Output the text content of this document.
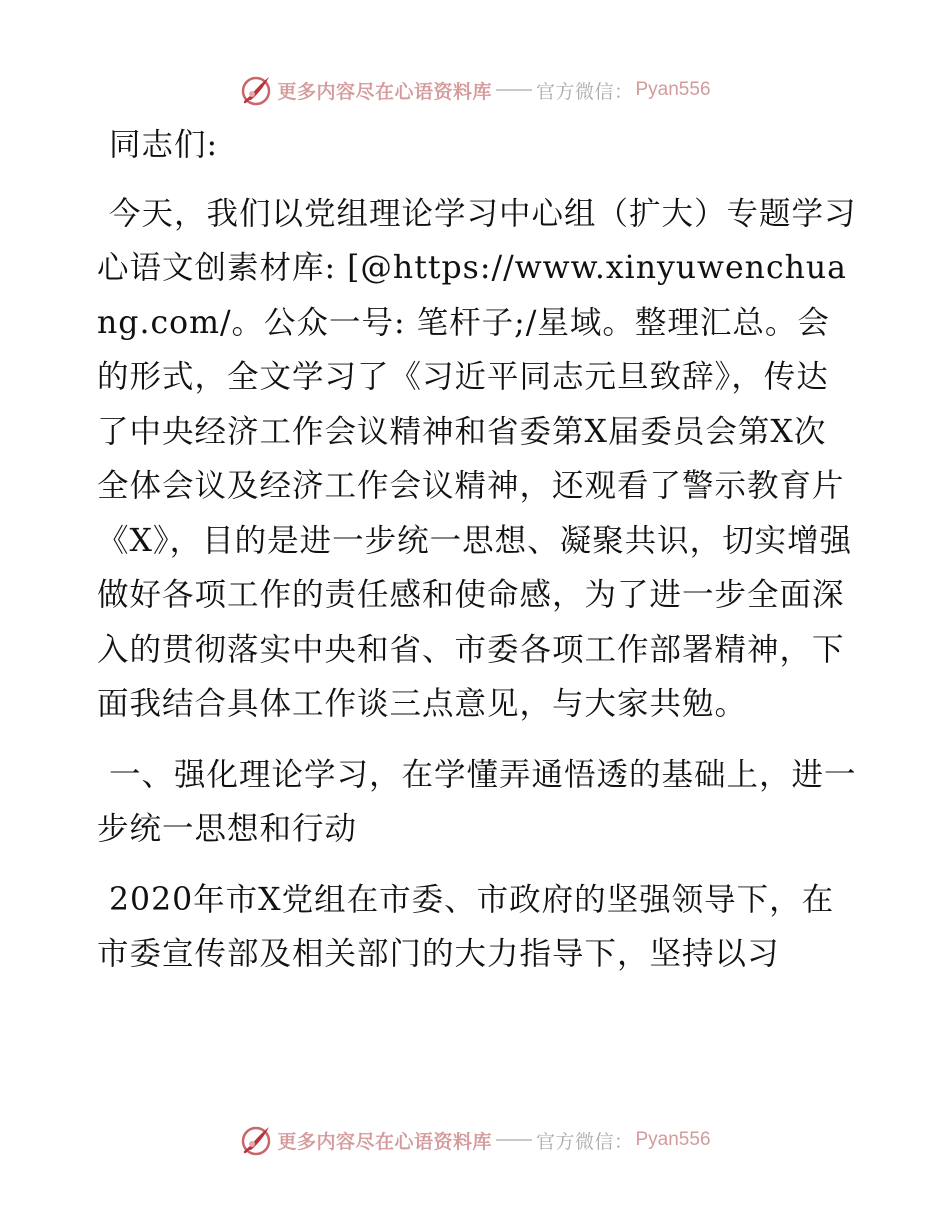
更多内容尽在心语资料库 官方微信： Pyan556

同志们:

今天，我们以党组理论学习中心组（扩大）专题学习心语文创素材库: [@https://www.xinyuwenchuang.com/。公众一号: 笔杆子;/星域。整理汇总。会的形式，全文学习了《习近平同志元旦致辞》，传达了中央经济工作会议精神和省委第X届委员会第X次全体会议及经济工作会议精神，还观看了警示教育片《X》，目的是进一步统一思想、凝聚共识，切实增强做好各项工作的责任感和使命感，为了进一步全面深入的贯彻落实中央和省、市委各项工作部署精神，下面我结合具体工作谈三点意见，与大家共勉。

一、强化理论学习，在学懂弄通悟透的基础上，进一步统一思想和行动

2020年市X党组在市委、市政府的坚强领导下，在市委宣传部及相关部门的大力指导下，坚持以习

更多内容尽在心语资料库 官方微信： Pyan556
